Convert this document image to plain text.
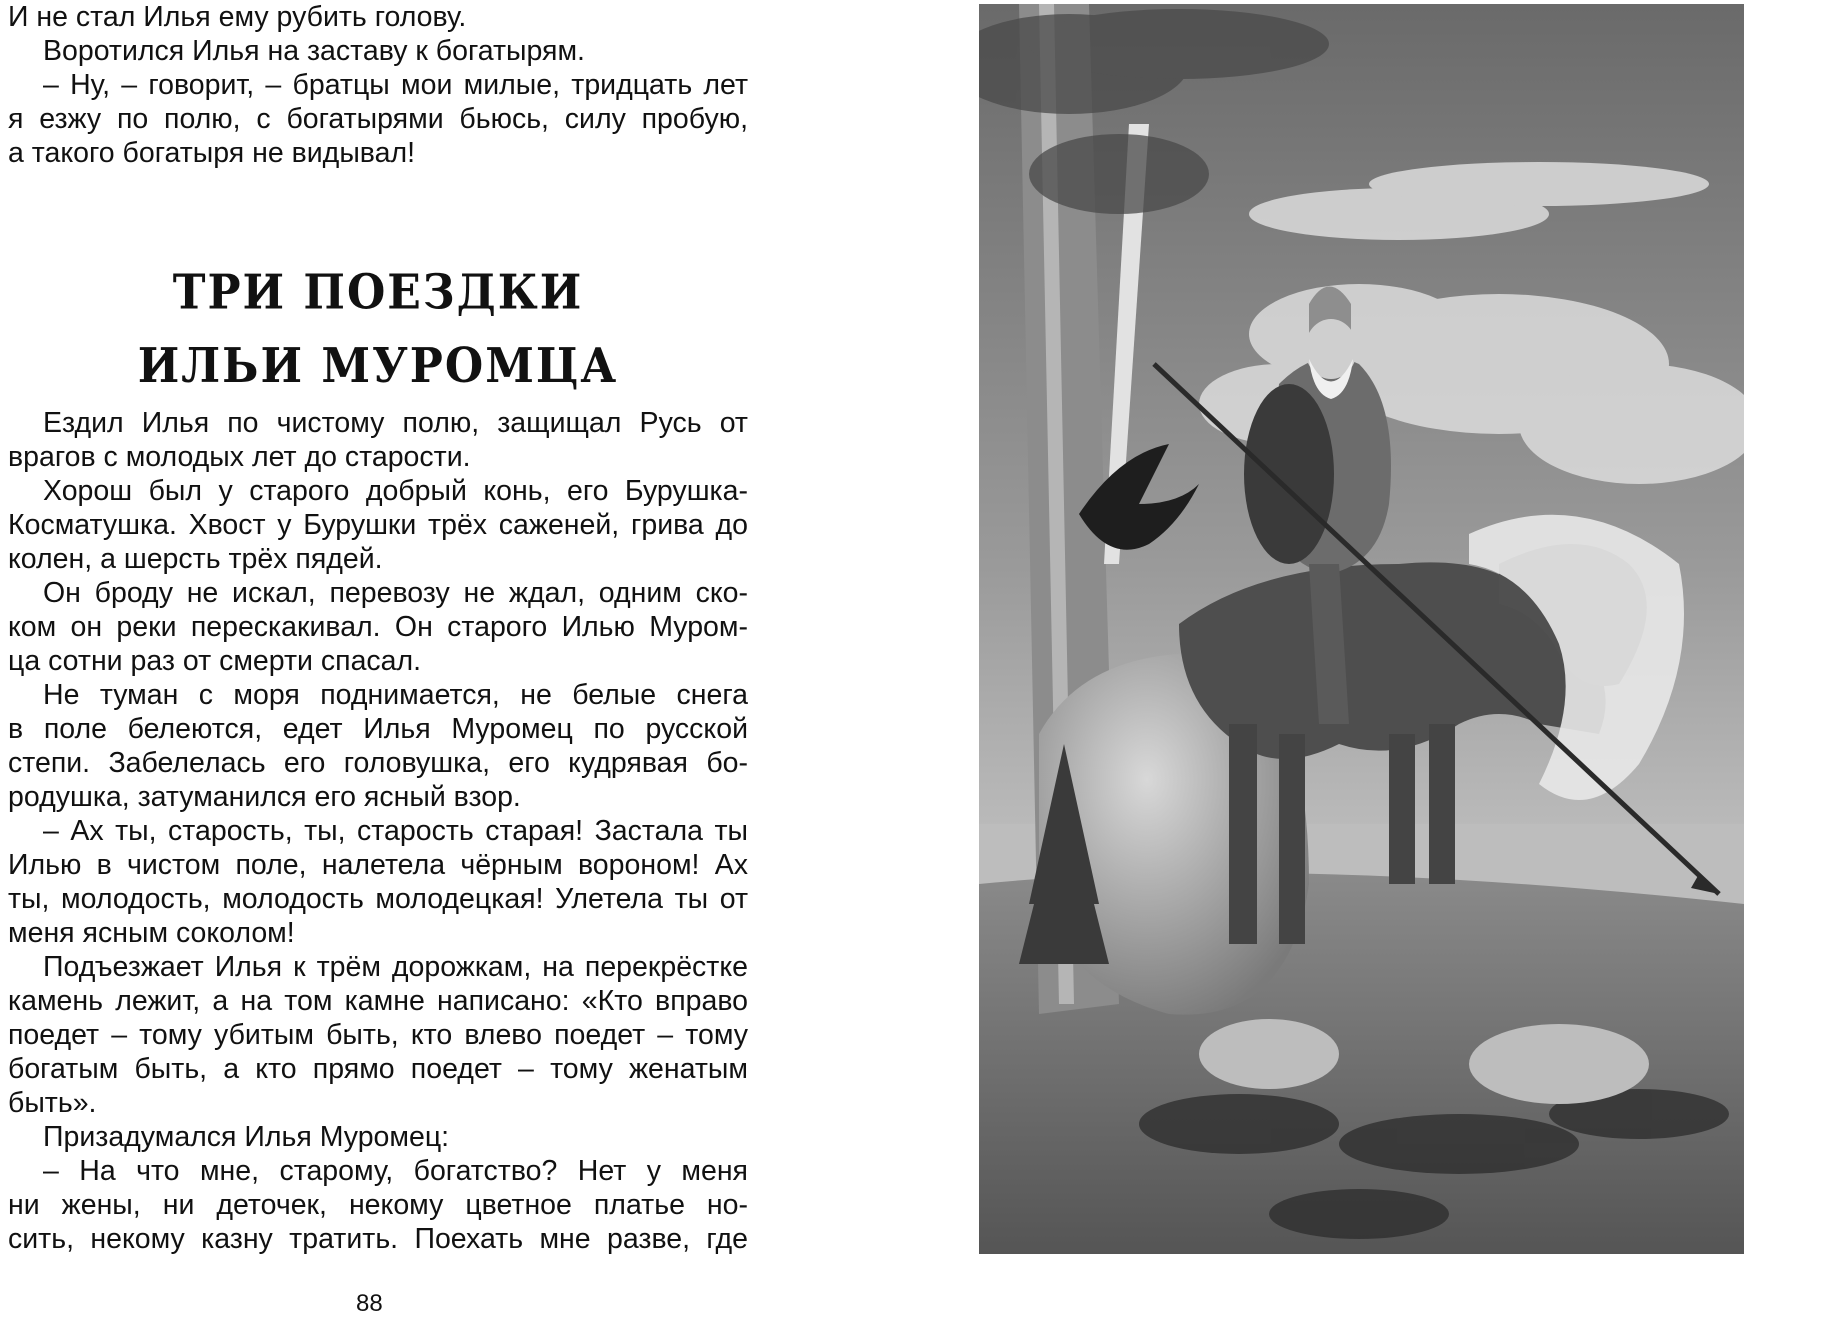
И не стал Илья ему рубить голову.
Воротился Илья на заставу к богатырям.
– Ну, – говорит, – братцы мои милые, тридцать лет
я езжу по полю, с богатырями бьюсь, силу пробую,
а такого богатыря не видывал!
ТРИ ПОЕЗДКИ
ИЛЬИ МУРОМЦА
Ездил Илья по чистому полю, защищал Русь от
врагов с молодых лет до старости.
Хорош был у старого добрый конь, его Бурушка-
Косматушка. Хвост у Бурушки трёх саженей, грива до
колен, а шерсть трёх пядей.
Он броду не искал, перевозу не ждал, одним ско-
ком он реки перескакивал. Он старого Илью Муром-
ца сотни раз от смерти спасал.
Не туман с моря поднимается, не белые снега
в поле белеются, едет Илья Муромец по русской
степи. Забелелась его головушка, его кудрявая бо-
родушка, затуманился его ясный взор.
– Ах ты, старость, ты, старость старая! Застала ты
Илью в чистом поле, налетела чёрным вороном! Ах
ты, молодость, молодость молодецкая! Улетела ты от
меня ясным соколом!
Подъезжает Илья к трём дорожкам, на перекрёстке
камень лежит, а на том камне написано: «Кто вправо
поедет – тому убитым быть, кто влево поедет – тому
богатым быть, а кто прямо поедет – тому женатым
быть».
Призадумался Илья Муромец:
– На что мне, старому, богатство? Нет у меня
ни жены, ни деточек, некому цветное платье но-
сить, некому казну тратить. Поехать мне разве, где
88
